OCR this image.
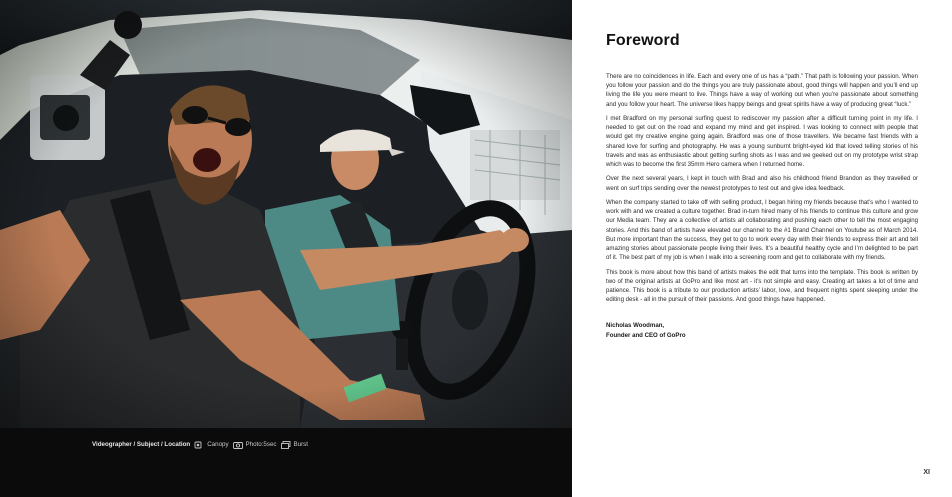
Videographer / Subject / Location	Canopy	Photo:5sec	Burst
Foreword

There are no coincidences in life. Each and every one of us has a “path.” That path is following your passion. When you follow your passion and do the things you are truly passionate about, good things will happen and you’ll end up living the life you were meant to live. Things have a way of working out when you’re passionate about something and you follow your heart. The universe likes happy beings and great spirits have a way of producing great “luck.”

I met Bradford on my personal surfing quest to rediscover my passion after a difficult turning point in my life. I needed to get out on the road and expand my mind and get inspired. I was looking to connect with people that would get my creative engine going again. Bradford was one of those travellers. We became fast friends with a shared love for surfing and photography. He was a young sunburnt bright-eyed kid that loved telling stories of his travels and was as enthusiastic about getting surfing shots as I was and we geeked out on my prototype wrist strap which was to become the first 35mm Hero camera when I returned home.

Over the next several years, I kept in touch with Brad and also his childhood friend Brandon as they travelled or went on surf trips sending over the newest prototypes to test out and give idea feedback.

When the company started to take off with selling product, I began hiring my friends because that’s who I wanted to work with and we created a culture together. Brad in-turn hired many of his friends to continue this culture and grow our Media team. They are a collective of artists all collaborating and pushing each other to tell the most engaging stories. And this band of artists have elevated our channel to the #1 Brand Channel on Youtube as of March 2014. But more important than the success, they get to go to work every day with their friends to express their art and tell amazing stories about passionate people living their lives. It’s a beautiful healthy cycle and I’m delighted to be part of it. The best part of my job is when I walk into a screening room and get to collaborate with my friends.

This book is more about how this band of artists makes the edit that turns into the template. This book is written by two of the original artists at GoPro and like most art - it’s not simple and easy. Creating art takes a lot of time and patience. This book is a tribute to our production artists’ labor, love, and frequent nights spent sleeping under the editing desk - all in the pursuit of their passions. And good things have happened.

Nicholas Woodman,
Founder and CEO of GoPro
XI
